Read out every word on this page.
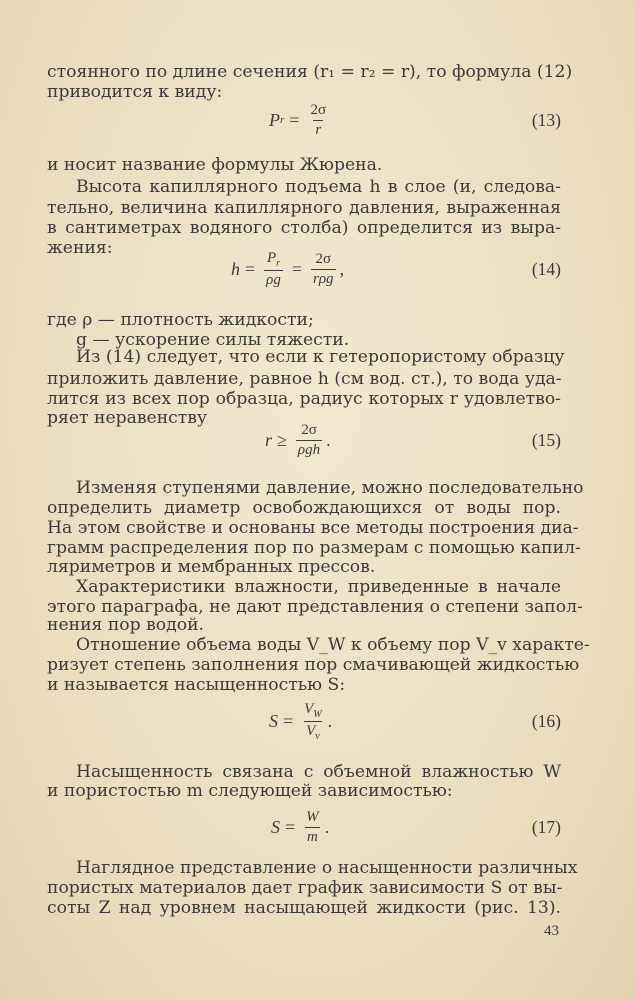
стоянного по длине сечения (r₁ = r₂ = r), то формула (12)
приводится к виду:
P $r = \frac{2\sigma}{r}$	(13)
и носит название формулы Жюрена.
Высота капиллярного подъема h в слое (и, следова-
тельно, величина капиллярного давления, выраженная
в сантиметрах водяного столба) определится из выра-
жения:
$h = \frac{P_r}{\rho g} = \frac{2\sigma}{\text{rρg}}$ ,	(14)
где ρ — плотность жидкости;
g — ускорение силы тяжести.
Из (14) следует, что если к гетеропористому образцу
приложить давление, равное h (см вод. ст.), то вода уда-
лится из всех пор образца, радиус которых r удовлетво-
ряет неравенству
$r \ge \frac{2\sigma}{\text{ρgh}}$ .	(15)
Изменяя ступенями давление, можно последовательно
определить диаметр освобождающихся от воды пор.
На этом свойстве и основаны все методы построения диа-
грамм распределения пор по размерам с помощью капил-
ляриметров и мембранных прессов.
Характеристики влажности, приведенные в начале
этого параграфа, не дают представления о степени запол-
нения пор водой.
Отношение объема воды V_W к объему пор V_v характе-
ризует степень заполнения пор смачивающей жидкостью
и называется насыщенностью S:
$S = \frac{V_W}{V_v}$ .	(16)
Насыщенность связана с объемной влажностью W
и пористостью m следующей зависимостью:
$S = \frac{W}{m}$ .	(17)
Наглядное представление о насыщенности различных
пористых материалов дает график зависимости S от вы-
соты Z над уровнем насыщающей жидкости (рис. 13).
43
